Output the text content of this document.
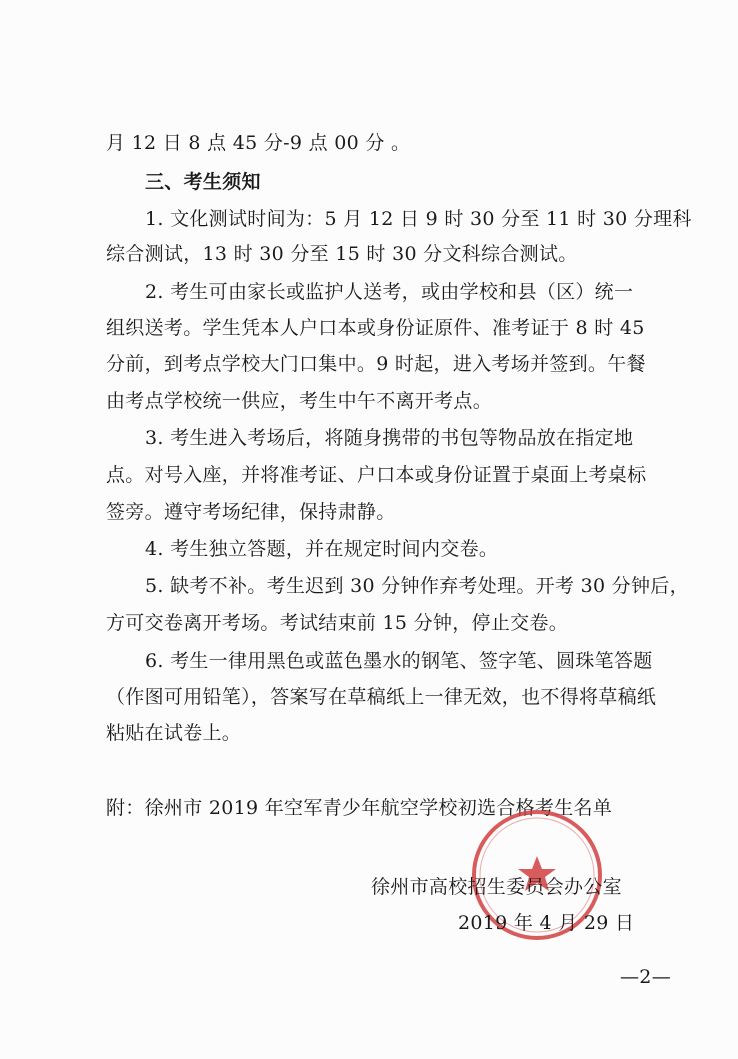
月 12 日 8 点 45 分-9 点 00 分 。
三、考生须知
1. 文化测试时间为：5 月 12 日 9 时 30 分至 11 时 30 分理科
综合测试，13 时 30 分至 15 时 30 分文科综合测试。
2. 考生可由家长或监护人送考，或由学校和县（区）统一
组织送考。学生凭本人户口本或身份证原件、准考证于 8 时 45
分前，到考点学校大门口集中。9 时起，进入考场并签到。午餐
由考点学校统一供应，考生中午不离开考点。
3. 考生进入考场后，将随身携带的书包等物品放在指定地
点。对号入座，并将准考证、户口本或身份证置于桌面上考桌标
签旁。遵守考场纪律，保持肃静。
4. 考生独立答题，并在规定时间内交卷。
5. 缺考不补。考生迟到 30 分钟作弃考处理。开考 30 分钟后，
方可交卷离开考场。考试结束前 15 分钟，停止交卷。
6. 考生一律用黑色或蓝色墨水的钢笔、签字笔、圆珠笔答题
（作图可用铅笔），答案写在草稿纸上一律无效，也不得将草稿纸
粘贴在试卷上。
附：徐州市 2019 年空军青少年航空学校初选合格考生名单
徐州市高校招生委员会办公室
2019 年 4 月 29 日
—2—
